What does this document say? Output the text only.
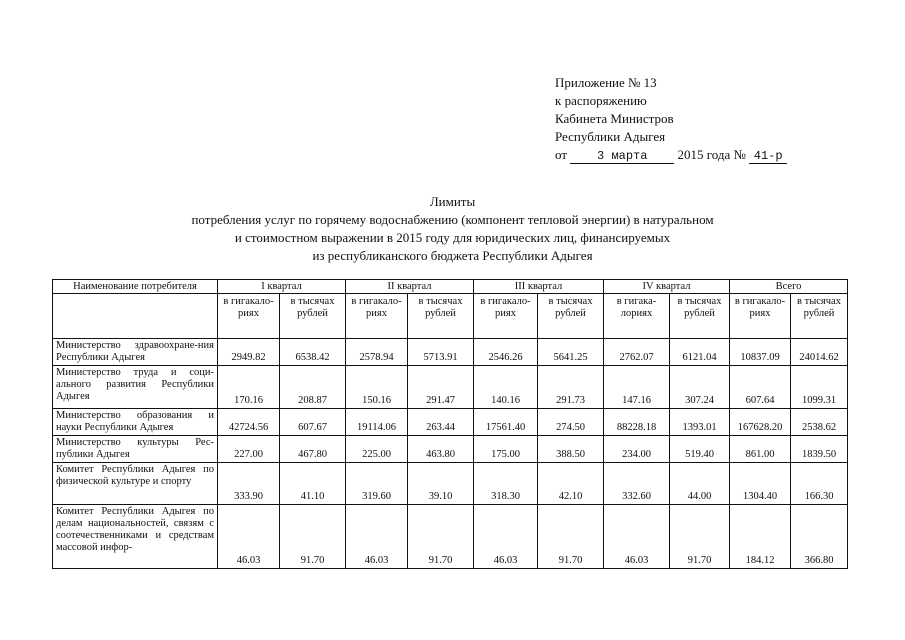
Приложение № 13
к распоряжению
Кабинета Министров
Республики Адыгея
от	3 марта 2015 года № 41-р
Лимиты
потребления услуг по горячему водоснабжению (компонент тепловой энергии) в натуральном
и стоимостном выражении в 2015 году для юридических лиц, финансируемых
из республиканского бюджета Республики Адыгея
Наименование потребителя	I квартал		II квартал		III квартал		IV квартал		Всего	
	в гигакало-риях	в тысячах рублей	в гигакало-риях	в тысячах рублей	в гигакало-риях	в тысячах рублей	в гигака-лориях	в тысячах рублей	в гигакало-риях	в тысячах рублей
Министерство здравоохране-ния Республики Адыгея	2949.82	6538.42	2578.94	5713.91	2546.26	5641.25	2762.07	6121.04	10837.09	24014.62
Министерство труда и соци-ального развития Республики Адыгея	170.16	208.87	150.16	291.47	140.16	291.73	147.16	307.24	607.64	1099.31
Министерство образования и науки Республики Адыгея	42724.56	607.67	19114.06	263.44	17561.40	274.50	88228.18	1393.01	167628.20	2538.62
Министерство культуры Рес-публики Адыгея	227.00	467.80	225.00	463.80	175.00	388.50	234.00	519.40	861.00	1839.50
Комитет Республики Адыгея по физической культуре и спорту	333.90	41.10	319.60	39.10	318.30	42.10	332.60	44.00	1304.40	166.30
Комитет Республики Адыгея по делам национальностей, связям с соотечественниками и средствам массовой инфор-	46.03	91.70	46.03	91.70	46.03	91.70	46.03	91.70	184.12	366.80
